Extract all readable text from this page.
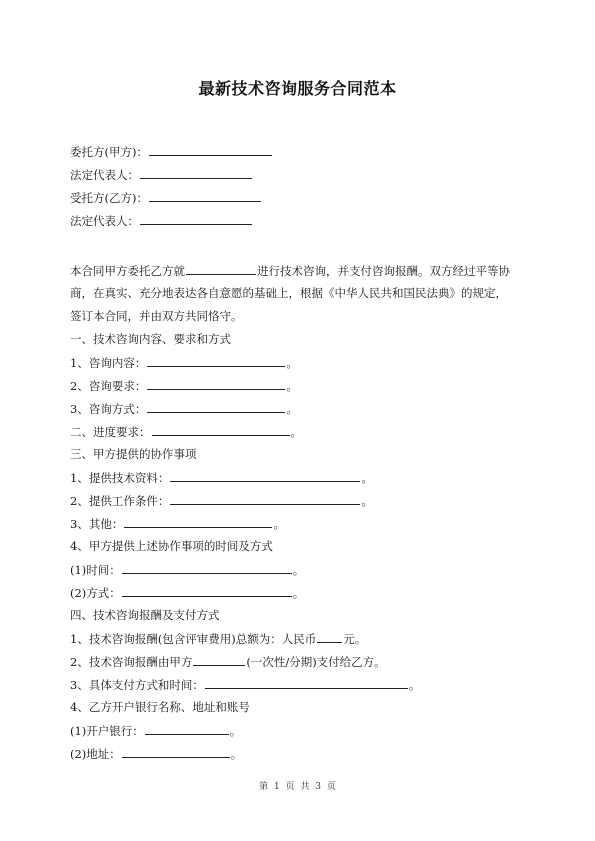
最新技术咨询服务合同范本
委托方(甲方)：
法定代表人：
受托方(乙方)：
法定代表人：
本合同甲方委托乙方就	进行技术咨询，并支付咨询报酬。双方经过平等协
商，在真实、充分地表达各自意愿的基础上，根据《中华人民共和国民法典》的规定，
签订本合同，并由双方共同恪守。
一、技术咨询内容、要求和方式
1、咨询内容：	。
2、咨询要求：	。
3、咨询方式：	。
二、进度要求：	。
三、甲方提供的协作事项
1、提供技术资料：	。
2、提供工作条件：	。
3、其他：	。
4、甲方提供上述协作事项的时间及方式
(1)时间：	。
(2)方式：	。
四、技术咨询报酬及支付方式
1、技术咨询报酬(包含评审费用)总额为：人民币 元。
2、技术咨询报酬由甲方	(一次性/分期)支付给乙方。
3、具体支付方式和时间：	。
4、乙方开户银行名称、地址和账号
(1)开户银行：	。
(2)地址：	。
第 1 页 共 3 页
